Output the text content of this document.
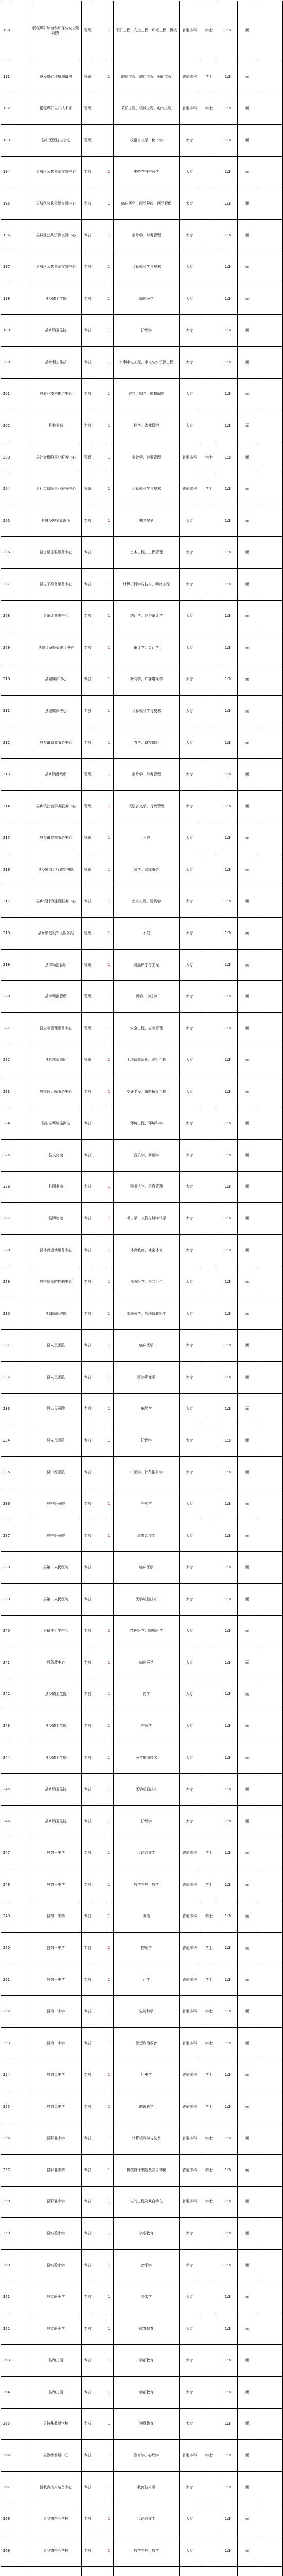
190		鹏程煤矿综合和环保与安全管理办	管理		1	采矿工程、安全工程、环境工程、机械	普通本科	学士	1:3	面	
191		鹏程煤矿地质测量科	管理		1	地质工程、测绘工程、采矿工程	普通本科	学士	1:3	面	
192		鹏程煤矿生产技术部	管理		1	采矿工程、机械工程、电气工程	普通本科	学士	1:3	面	
193		县中医医院办公室	管理		1	汉语言文学、秘书学	大专		1:3	面	
194		县城区公共资源交易中心	专技		1	中药学与中医学	大专		1:3	面	
195		县城区公共资源交易中心	专技		1	临床医学、医学检验、医学影像	大专		1:3	面	
196		县城区公共资源交易中心	专技		1	会计学、财务管理	大专		1:3	面	
197		县城区公共资源交易中心	专技		1	计算机科学与技术	大专		1:3	面	
198		县乡镇卫生院	专技		1	临床医学	大专		1:3	面	
199		县乡镇卫生院	专技		1	护理学	大专		1:3	面	
200		县水利工作站	专技		1	水利水电工程、水文与水资源工程	大专		1:3	面	
201		县农业技术推广中心	专技		1	农学、园艺、植物保护	大专		1:3	面	
202		县林业站	专技		1	林学、森林保护	大专		1:3	面	
203		县社会保险事业服务中心	管理		1	会计学、财务管理	普通本科	学士	1:3	面	
204		县社会保险事业服务中心	管理		1	计算机科学与技术	普通本科	学士	1:3	面	
205		县城乡规划管理所	专技		1	城乡规划	大专		1:3	面	
206		县房屋征收服务中心	专技		1	土木工程、工程管理	大专		1:3	面	
207		县电子政务服务中心	专技		1	计算机科学与技术、网络工程	大专		1:3	面	
208		县统计普查中心	专技		1	统计学、经济统计学	大专		1:3	面	
209		县审计局投资审计中心	专技		1	审计学、会计学	大专		1:3	面	
210		县融媒体中心	专技		1	新闻学、广播电视学	大专		1:3	面	
211		县融媒体中心	专技		1	计算机科学与技术	大专		1:3	面	
212		县乡镇农业服务中心	专技		1	农学、畜牧兽医	大专		1:3	面	
213		县乡镇财政所	管理		1	会计学、财务管理	大专		1:3	面	
214		县乡镇社会事务服务中心	管理		1	汉语言文学、行政管理	大专		1:3	面	
215		县乡镇党群服务中心	管理		1	不限	大专		1:3	面	
216		县乡镇综合行政执法队	管理		1	法学、法律事务	大专		1:3	面	
217		县乡镇村镇建设服务中心	专技		1	土木工程、建筑学	大专		1:3	面	
218		县乡镇退役军人服务站	管理		1	不限	大专		1:3	面	
219		县市场监管所	管理		1	食品科学与工程	大专		1:3	面	
220		县市场监管所	管理		1	药学、中药学	大专		1:3	面	
221		县应急管理服务中心	管理		1	安全工程、应急管理	大专		1:3	面	
222		县自然资源所	管理		1	土地资源管理、测绘工程	大专		1:3	面	
223		县交通运输服务中心	专技		1	交通工程、道路桥梁工程	大专		1:3	面	
224		县生态环境监测站	专技		1	环境工程、环境科学	大专		1:3	面	
225		县文化馆	专技		1	音乐学、舞蹈学	大专		1:3	面	
226		县图书馆	专技		1	图书馆学、信息管理	大专		1:3	面	
227		县博物馆	专技		1	考古学、文物与博物馆学	大专		1:3	面	
228		县体育运动服务中心	专技		1	体育教育、社会体育	大专		1:3	面	
229		县疾病预防控制中心	专技		1	预防医学、公共卫生	大专		1:3	面	
230		县妇幼保健院	专技		1	临床医学、妇幼保健医学	大专		1:3	面	
231		县人民医院	专技		1	临床医学	大专		1:3	面	
232		县人民医院	专技		1	医学影像学	大专		1:3	面	
233		县人民医院	专技		1	麻醉学	大专		1:3	面	
234		县人民医院	专技		1	护理学	大专		1:3	面	
235		县中医医院	专技		1	中医学、针灸推拿学	大专		1:3	面	
236		县中医医院	专技		1	中药学	大专		1:3	面	
237		县中医医院	专技		1	康复治疗学	大专		1:3	面	
238		县第二人民医院	专技		1	临床医学	大专		1:3	面	
239		县第二人民医院	专技		1	医学检验技术	大专		1:3	面	
240		县精神卫生中心	专技		1	精神医学、临床医学	大专		1:3	面	
241		县急救中心	专技		1	临床医学	大专		1:3	面	
242		县乡镇卫生院	专技		1	药学	大专		1:3	面	
243		县乡镇卫生院	专技		1	中医学	大专		1:3	面	
244		县乡镇卫生院	专技		1	医学影像技术	大专		1:3	面	
245		县乡镇卫生院	专技		1	医学检验技术	大专		1:3	面	
246		县乡镇卫生院	专技		1	护理学	大专		1:3	面	
247		县第一中学	专技		1	汉语言文学	普通本科	学士	1:3	面	
248		县第一中学	专技		1	数学与应用数学	普通本科	学士	1:3	面	
249		县第一中学	专技		1	英语	普通本科	学士	1:3	面	
250		县第一中学	专技		1	物理学	普通本科	学士	1:3	面	
251		县第一中学	专技		1	化学	普通本科	学士	1:3	面	
252		县第一中学	专技		1	生物科学	普通本科	学士	1:3	面	
253		县第二中学	专技		1	思想政治教育	普通本科	学士	1:3	面	
254		县第二中学	专技		1	历史学	普通本科	学士	1:3	面	
255		县第二中学	专技		1	地理科学	普通本科	学士	1:3	面	
256		县职业中学	专技		1	计算机科学与技术	普通本科	学士	1:3	面	
257		县职业中学	专技		1	机械设计制造及其自动化	普通本科	学士	1:3	面	
258		县职业中学	专技		1	电气工程及其自动化	普通本科	学士	1:3	面	
259		县实验小学	专技		1	小学教育	大专		1:3	面	
260		县实验小学	专技		1	音乐学	大专		1:3	面	
261		县实验小学	专技		1	美术学	大专		1:3	面	
262		县实验小学	专技		1	体育教育	大专		1:3	面	
263		县幼儿园	专技		1	学前教育	大专		1:3	面	
264		县幼儿园	专技		1	学前教育	大专		1:3	面	
265		县特殊教育学校	专技		1	特殊教育	大专		1:3	面	
266		县教师发展中心	专技		1	教育学、心理学	普通本科	学士	1:3	面	
267		县教育技术装备中心	专技		1	教育技术学	大专		1:3	面	
268		县乡镇中心学校	专技		1	汉语言文学	大专		1:3	面	
269		县乡镇中心学校	专技		1	数学与应用数学	大专		1:3	面	
